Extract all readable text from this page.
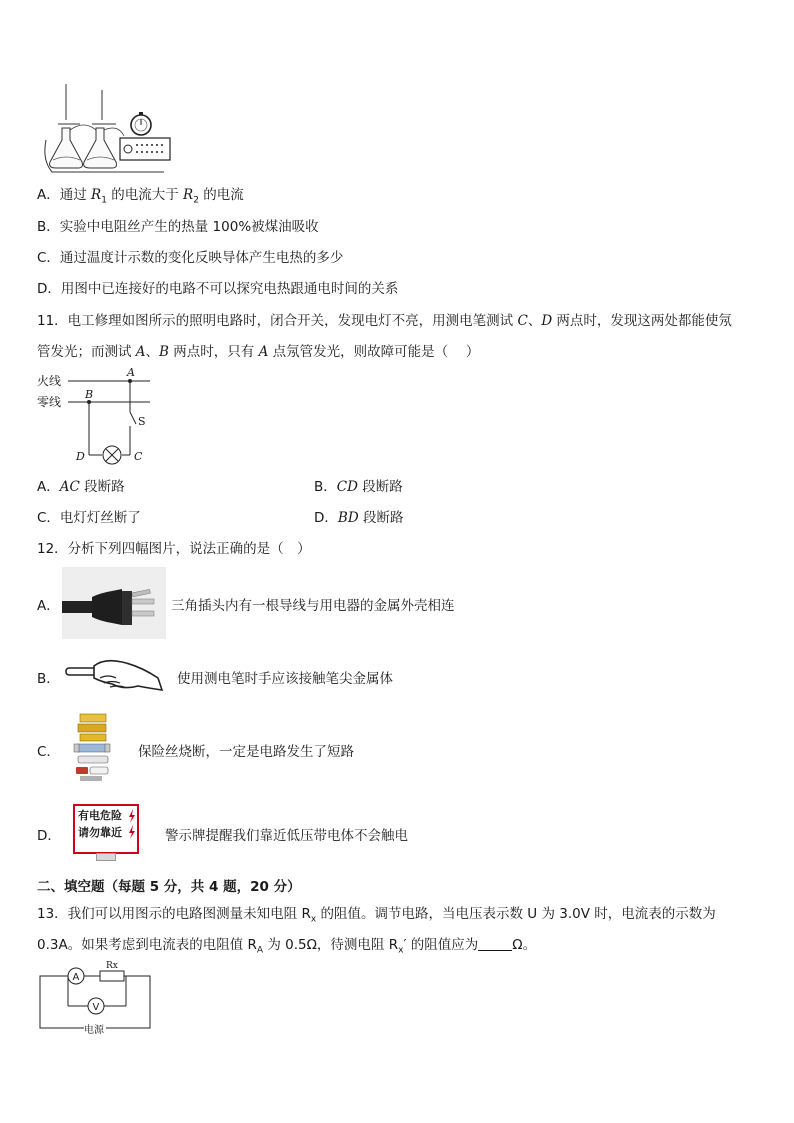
A．通过 $R_1$ 的电流大于 $R_2$ 的电流
B．实验中电阻丝产生的热量 100%被煤油吸收
C．通过温度计示数的变化反映导体产生电热的多少
D．用图中已连接好的电路不可以探究电热跟通电时间的关系
11．电工修理如图所示的照明电路时，闭合开关，发现电灯不亮，用测电笔测试 C、D 两点时，发现这两处都能使氖
管发光；而测试 A、B 两点时，只有 A 点氖管发光，则故障可能是（　 ）
火线
零线
A
B
S
D	C
A．AC 段断路	B．CD 段断路
C．电灯灯丝断了	D．BD 段断路
12．分析下列四幅图片，说法正确的是（　）
A．	三角插头内有一根导线与用电器的金属外壳相连
B．	使用测电笔时手应该接触笔尖金属体
C．	保险丝烧断，一定是电路发生了短路
D．
有电危险
请勿靠近	警示牌提醒我们靠近低压带电体不会触电
二、填空题（每题 5 分，共 4 题，20 分）
13．我们可以用图示的电路图测量未知电阻 $R_x$ 的阻值。调节电路，当电压表示数 U 为 3.0V 时，电流表的示数为
0.3A。如果考虑到电流表的电阻值 $R_A$ 为 0.5Ω，待测电阻 $R_x'$ 的阻值应为	Ω。
A
Rx
V
电源
